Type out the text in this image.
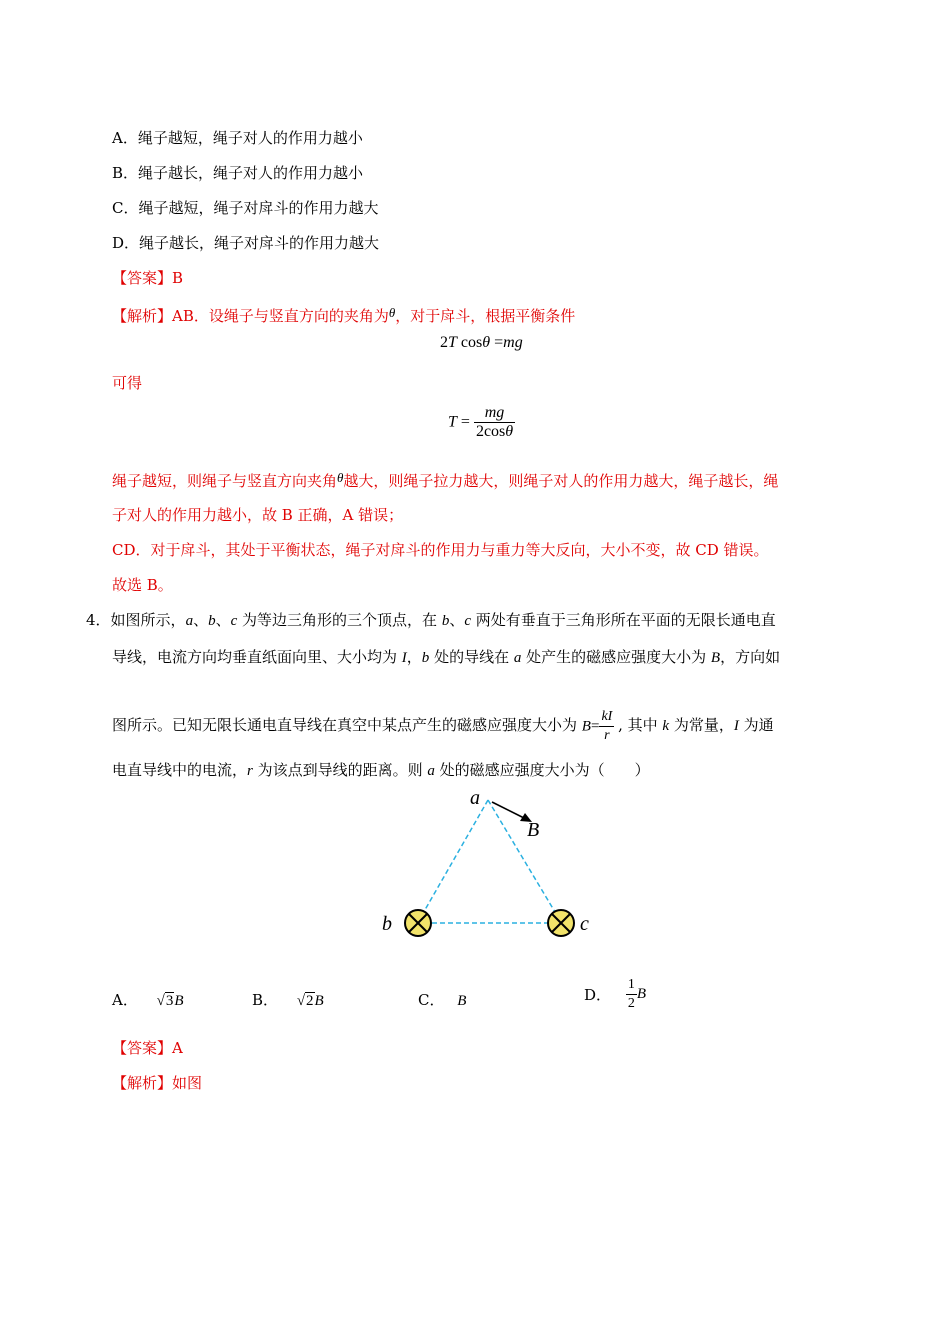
A．绳子越短，绳子对人的作用力越小
B．绳子越长，绳子对人的作用力越小
C．绳子越短，绳子对戽斗的作用力越大
D．绳子越长，绳子对戽斗的作用力越大
【答案】B
【解析】AB．设绳子与竖直方向的夹角为θ，对于戽斗，根据平衡条件
2T cosθ =mg
可得
$T = \frac{mg}{2\cos\theta}$
绳子越短，则绳子与竖直方向夹角θ越大，则绳子拉力越大，则绳子对人的作用力越大，绳子越长，绳
子对人的作用力越小，故 B 正确，A 错误；
CD．对于戽斗，其处于平衡状态，绳子对戽斗的作用力与重力等大反向，大小不变，故 CD 错误。
故选 B。
4．如图所示，a、b、c 为等边三角形的三个顶点，在 b、c 两处有垂直于三角形所在平面的无限长通电直
导线，电流方向均垂直纸面向里、大小均为 I，b 处的导线在 a 处产生的磁感应强度大小为 B，方向如
图所示。已知无限长通电直导线在真空中某点产生的磁感应强度大小为 $B= \frac{kI}{r}$ , 其中 k 为常量，I 为通
电直导线中的电流，r 为该点到导线的距离。则 a 处的磁感应强度大小为（　　）
a
B
b	c
A． √3B	B． √2B	C． B	D． $\frac{1}{2}$ B
【答案】A
【解析】如图
